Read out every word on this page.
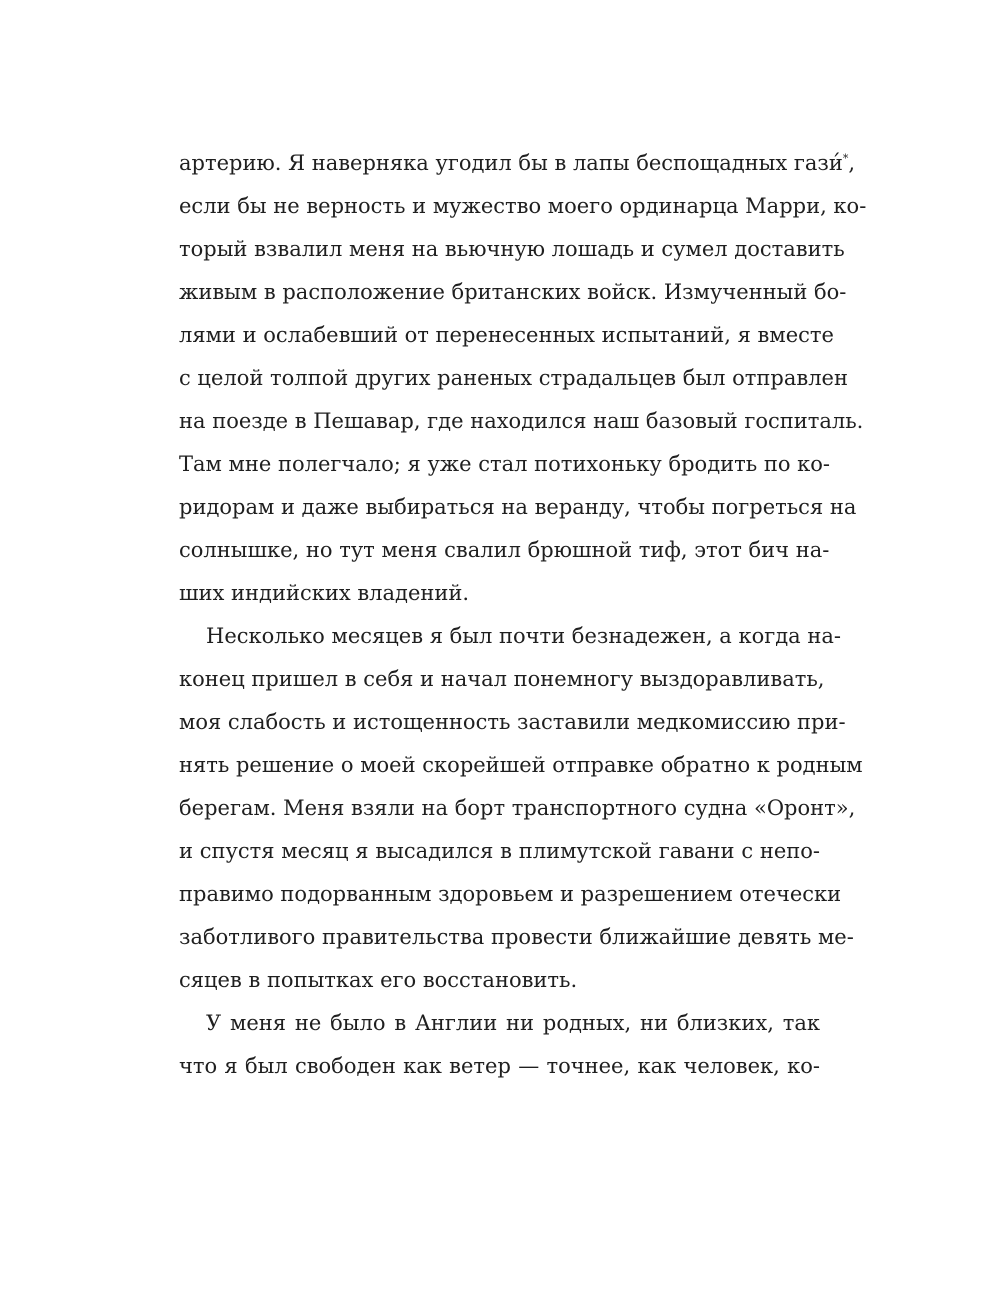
артерию. Я наверняка угодил бы в лапы беспощадных гази́*,
если бы не верность и мужество моего ординарца Марри, ко-
торый взвалил меня на вьючную лошадь и сумел доставить
живым в расположение британских войск. Измученный бо-
лями и ослабевший от перенесенных испытаний, я вместе
с целой толпой других раненых страдальцев был отправлен
на поезде в Пешавар, где находился наш базовый госпиталь.
Там мне полегчало; я уже стал потихоньку бродить по ко-
ридорам и даже выбираться на веранду, чтобы погреться на
солнышке, но тут меня свалил брюшной тиф, этот бич на-
ших индийских владений.
Несколько месяцев я был почти безнадежен, а когда на-
конец пришел в себя и начал понемногу выздоравливать,
моя слабость и истощенность заставили медкомиссию при-
нять решение о моей скорейшей отправке обратно к родным
берегам. Меня взяли на борт транспортного судна «Оронт»,
и спустя месяц я высадился в плимутской гавани с непо-
правимо подорванным здоровьем и разрешением отечески
заботливого правительства провести ближайшие девять ме-
сяцев в попытках его восстановить.
У меня не было в Англии ни родных, ни близких, так
что я был свободен как ветер — точнее, как человек, ко-
